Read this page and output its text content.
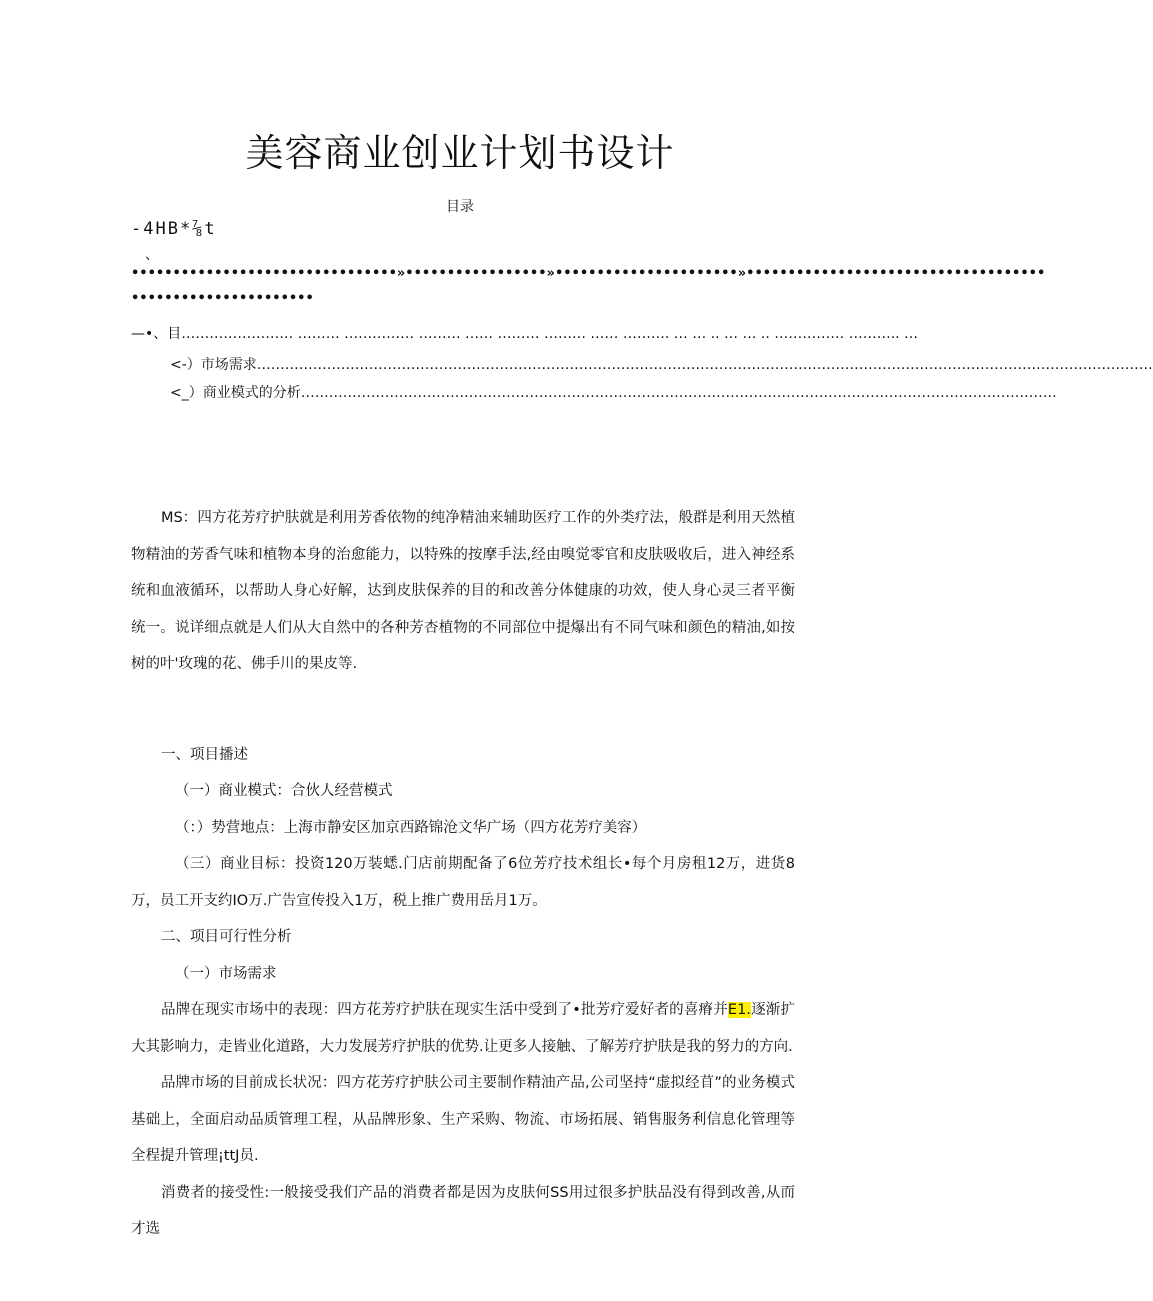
美容商业创业计划书设计
目录
-4HB*⅞t
、
••••••••••••••••••••••••••••••••»•••••••••••••••••»••••••••••••••••••••••»••••••••••••••••••••••••••••••••••••
••••••••••••••••••••••
—•、目…………………… ……… …………… ……… …… ……… ……… …… ………. … … .. … … .. …………… ……….. …
<-）市场需求…………………………………………………………………………………………………………………………………………………………………………
<_）商业模式的分析………………………………………………………………………………………………………………………………………………
MS：四方花芳疗护肤就是利用芳香依物的纯净精油来辅助医疗工作的外类疗法，般群是利用天然植物精油的芳香气味和植物本身的治愈能力，以特殊的按摩手法,经由嗅觉零官和皮肤吸收后，进入神经系统和血液循环，以帮助人身心好解，达到皮肤保养的目的和改善分体健康的功效，使人身心灵三者平衡统一。说详细点就是人们从大自然中的各种芳杏植物的不同部位中提爆出有不同气味和颜色的精油,如按树的叶'玫瑰的花、佛手川的果皮等.
一、项目播述
（一）商业模式：合伙人经营模式
（：）势营地点：上海市静安区加京西路锦沧文华广场（四方花芳疗美容）
（三）商业目标：投资120万装蟋.门店前期配备了6位芳疗技术组长•每个月房租12万，进货8万，员工开支约IO万.广告宣传投入1万，税上推广费用岳月1万。
二、项目可行性分析
（一）市场需求
品牌在现实市场中的表现：四方花芳疗护肤在现实生活中受到了•批芳疗爱好者的喜瘠并E1.逐渐扩大其影响力，走皆业化道路，大力发展芳疗护肤的优势.让更多人接触、了解芳疗护肤是我的努力的方向.
品牌市场的目前成长状况：四方花芳疗护肤公司主要制作精油产品,公司坚持“虚拟经苜”的业务模式基础上，全面启动品质管理工程，从品牌形象、生产采购、物流、市场拓展、销售服务利信息化管理等全程提升管理¡ttJ员.
消费者的接受性:一般接受我们产品的消费者都是因为皮肤何SS用过很多护肤品没有得到改善,从而才选
